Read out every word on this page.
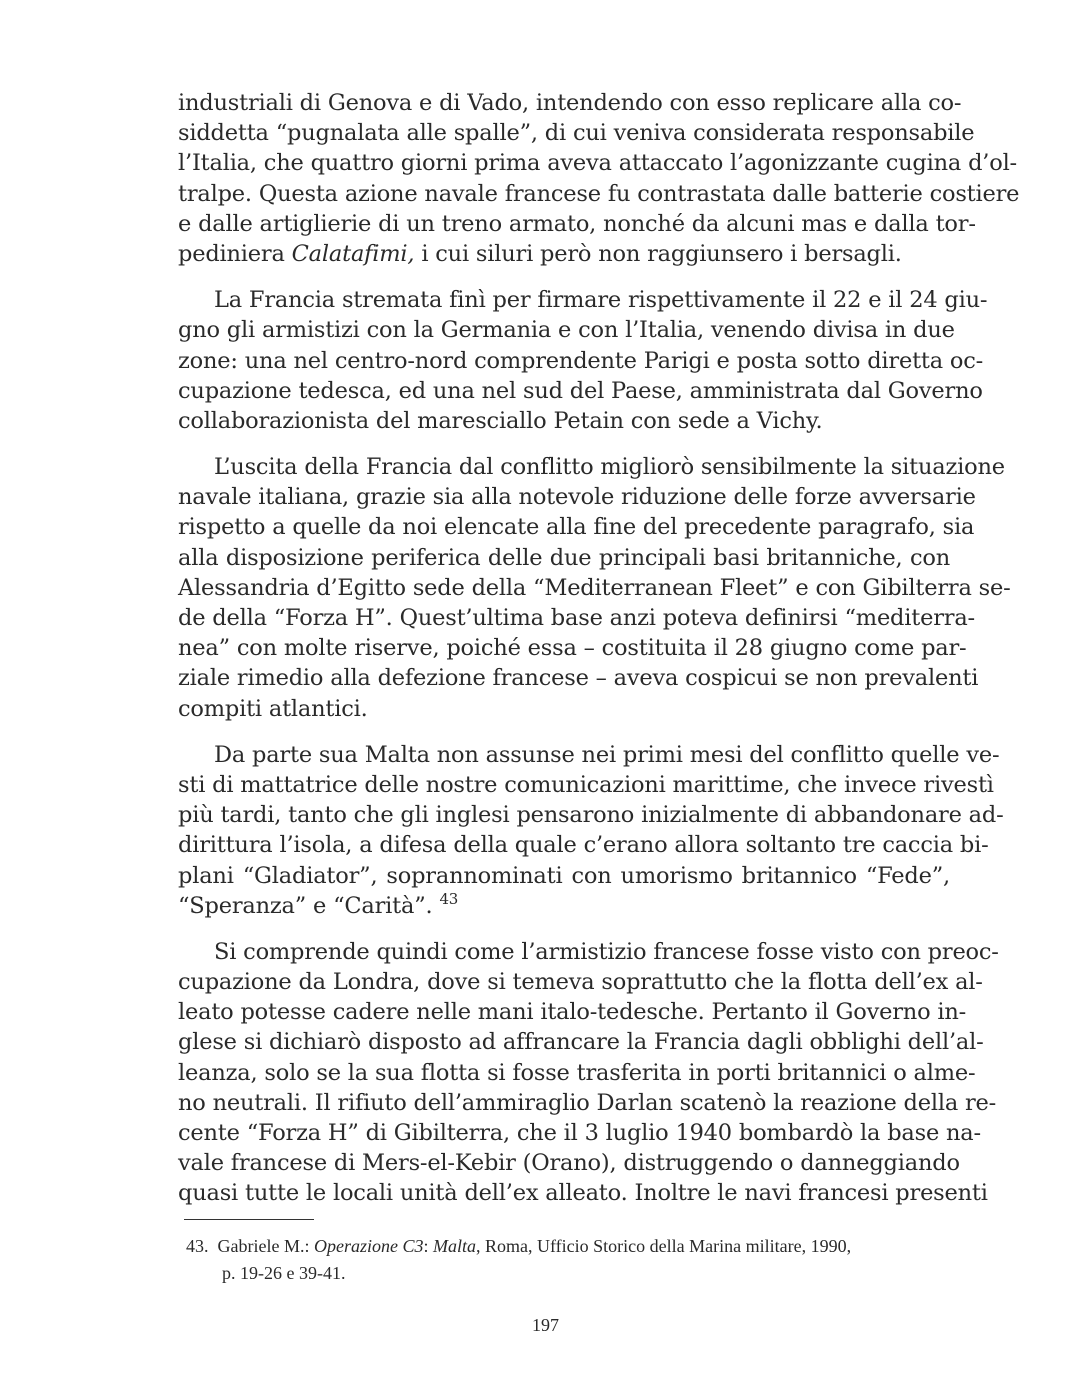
industriali di Genova e di Vado, intendendo con esso replicare alla co-
siddetta “pugnalata alle spalle”, di cui veniva considerata responsabile
l’Italia, che quattro giorni prima aveva attaccato l’agonizzante cugina d’ol-
tralpe. Questa azione navale francese fu contrastata dalle batterie costiere
e dalle artiglierie di un treno armato, nonché da alcuni mas e dalla tor-
pediniera Calatafimi, i cui siluri però non raggiunsero i bersagli.
La Francia stremata finì per firmare rispettivamente il 22 e il 24 giu-
gno gli armistizi con la Germania e con l’Italia, venendo divisa in due
zone: una nel centro-nord comprendente Parigi e posta sotto diretta oc-
cupazione tedesca, ed una nel sud del Paese, amministrata dal Governo
collaborazionista del maresciallo Petain con sede a Vichy.
L’uscita della Francia dal conflitto migliorò sensibilmente la situazione
navale italiana, grazie sia alla notevole riduzione delle forze avversarie
rispetto a quelle da noi elencate alla fine del precedente paragrafo, sia
alla disposizione periferica delle due principali basi britanniche, con
Alessandria d’Egitto sede della “Mediterranean Fleet” e con Gibilterra se-
de della “Forza H”. Quest’ultima base anzi poteva definirsi “mediterra-
nea” con molte riserve, poiché essa – costituita il 28 giugno come par-
ziale rimedio alla defezione francese – aveva cospicui se non prevalenti
compiti atlantici.
Da parte sua Malta non assunse nei primi mesi del conflitto quelle ve-
sti di mattatrice delle nostre comunicazioni marittime, che invece rivestì
più tardi, tanto che gli inglesi pensarono inizialmente di abbandonare ad-
dirittura l’isola, a difesa della quale c’erano allora soltanto tre caccia bi-
plani “Gladiator”, soprannominati con umorismo britannico “Fede”,
“Speranza” e “Carità”. $^{43}$
Si comprende quindi come l’armistizio francese fosse visto con preoc-
cupazione da Londra, dove si temeva soprattutto che la flotta dell’ex al-
leato potesse cadere nelle mani italo-tedesche. Pertanto il Governo in-
glese si dichiarò disposto ad affrancare la Francia dagli obblighi dell’al-
leanza, solo se la sua flotta si fosse trasferita in porti britannici o almе-
no neutrali. Il rifiuto dell’ammiraglio Darlan scatenò la reazione della re-
cente “Forza H” di Gibilterra, che il 3 luglio 1940 bombardò la base na-
vale francese di Mers-el-Kebir (Orano), distruggendo o danneggiando
quasi tutte le locali unità dell’ex alleato. Inoltre le navi francesi presenti
43. Gabriele M.: Operazione C3: Malta, Roma, Ufficio Storico della Marina militare, 1990,
p. 19-26 e 39-41.
197
